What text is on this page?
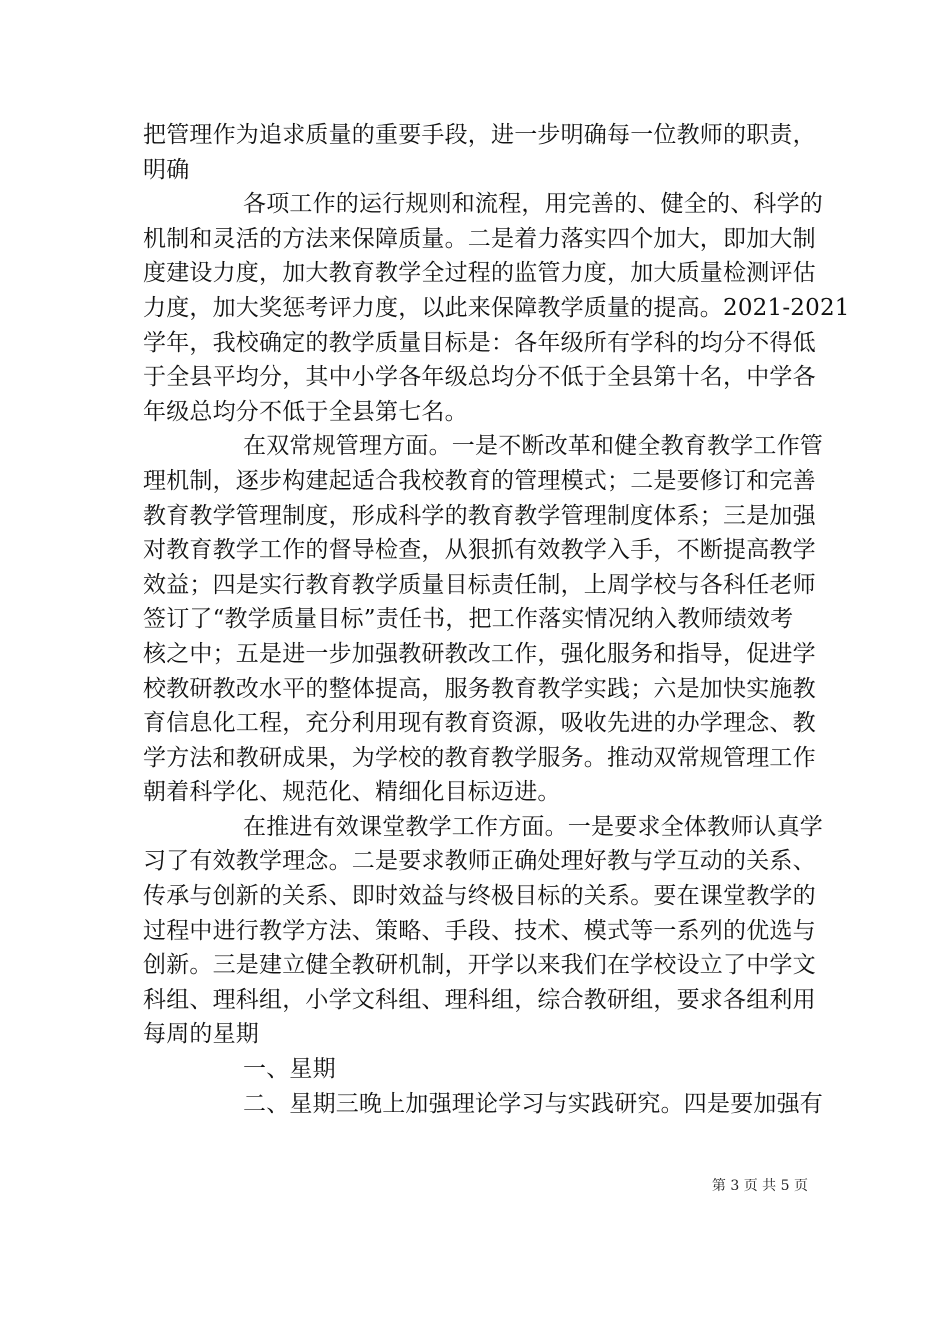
把管理作为追求质量的重要手段，进一步明确每一位教师的职责，

明确

各项工作的运行规则和流程，用完善的、健全的、科学的

机制和灵活的方法来保障质量。二是着力落实四个加大，即加大制

度建设力度，加大教育教学全过程的监管力度，加大质量检测评估

力度，加大奖惩考评力度，以此来保障教学质量的提高。2021-2021

学年，我校确定的教学质量目标是：各年级所有学科的均分不得低

于全县平均分，其中小学各年级总均分不低于全县第十名，中学各

年级总均分不低于全县第七名。

在双常规管理方面。一是不断改革和健全教育教学工作管

理机制，逐步构建起适合我校教育的管理模式；二是要修订和完善

教育教学管理制度，形成科学的教育教学管理制度体系；三是加强

对教育教学工作的督导检查，从狠抓有效教学入手，不断提高教学

效益；四是实行教育教学质量目标责任制，上周学校与各科任老师

签订了“教学质量目标”责任书，把工作落实情况纳入教师绩效考

核之中；五是进一步加强教研教改工作，强化服务和指导，促进学

校教研教改水平的整体提高，服务教育教学实践；六是加快实施教

育信息化工程，充分利用现有教育资源，吸收先进的办学理念、教

学方法和教研成果，为学校的教育教学服务。推动双常规管理工作

朝着科学化、规范化、精细化目标迈进。

在推进有效课堂教学工作方面。一是要求全体教师认真学

习了有效教学理念。二是要求教师正确处理好教与学互动的关系、

传承与创新的关系、即时效益与终极目标的关系。要在课堂教学的

过程中进行教学方法、策略、手段、技术、模式等一系列的优选与

创新。三是建立健全教研机制，开学以来我们在学校设立了中学文

科组、理科组，小学文科组、理科组，综合教研组，要求各组利用

每周的星期

一、星期

二、星期三晚上加强理论学习与实践研究。四是要加强有

第 3 页 共 5 页
